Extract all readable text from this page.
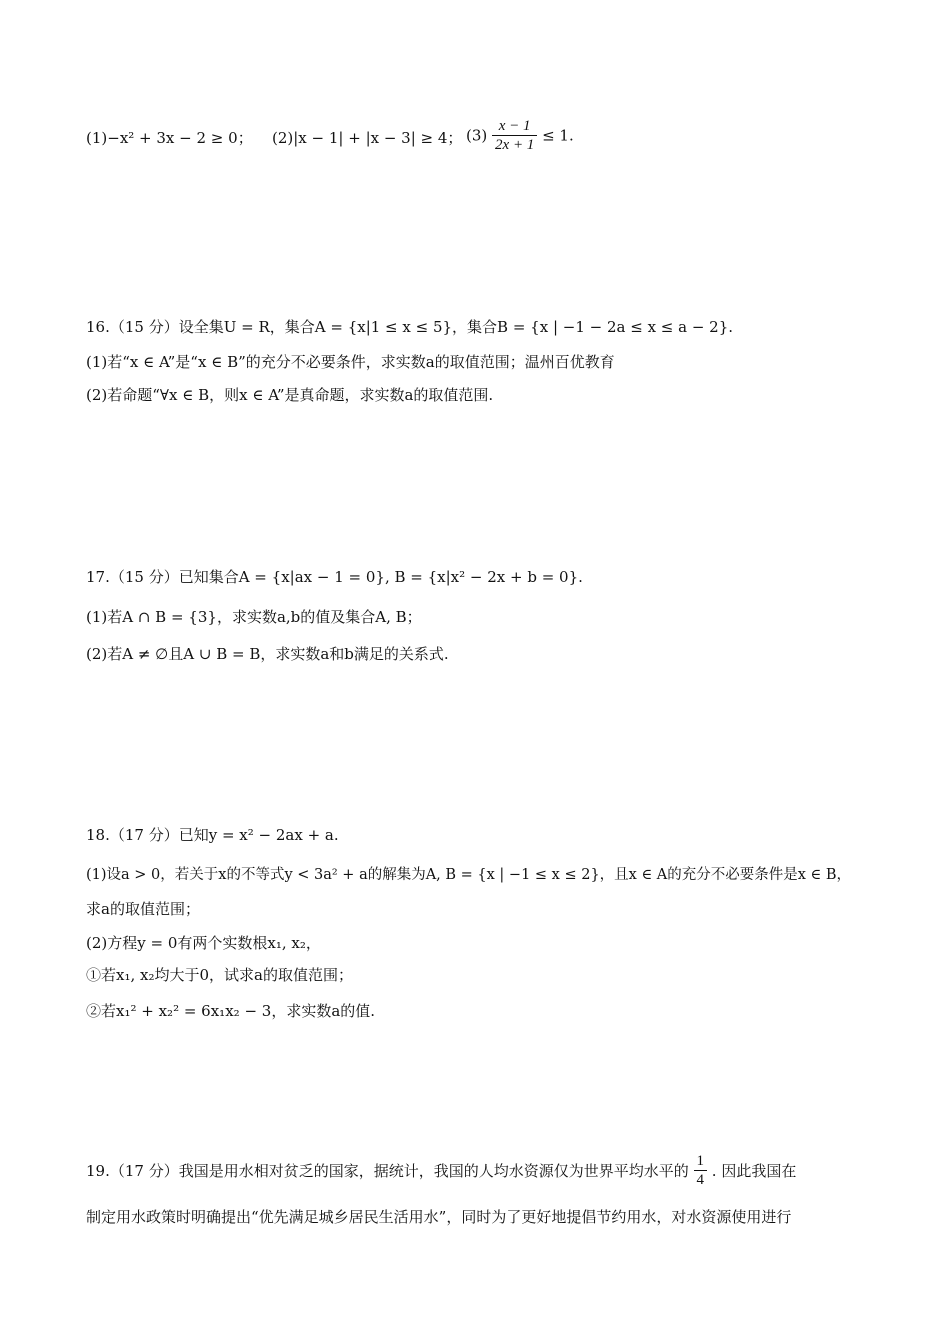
(1)−x² + 3x − 2 ≥ 0； (2)|x − 1| + |x − 3| ≥ 4； $(3) \frac{x - 1}{2x + 1} \le 1$.
16.（15 分）设全集U = R，集合A = {x|1 ≤ x ≤ 5}，集合B = {x | −1 − 2a ≤ x ≤ a − 2}.
(1)若“x ∈ A”是“x ∈ B”的充分不必要条件，求实数a的取值范围；温州百优教育
(2)若命题“∀x ∈ B，则x ∈ A”是真命题，求实数a的取值范围.
17.（15 分）已知集合A = {x|ax − 1 = 0}, B = {x|x² − 2x + b = 0}.
(1)若A ∩ B = {3}，求实数a,b的值及集合A, B；
(2)若A ≠ ∅且A ∪ B = B，求实数a和b满足的关系式.
18.（17 分）已知y = x² − 2ax + a.
(1)设a > 0，若关于x的不等式y < 3a² + a的解集为A, B = {x | −1 ≤ x ≤ 2}，且x ∈ A的充分不必要条件是x ∈ B，
求a的取值范围；
(2)方程y = 0有两个实数根x₁, x₂，
①若x₁, x₂均大于0，试求a的取值范围；
②若x₁² + x₂² = 6x₁x₂ − 3，求实数a的值.
19.（17 分）我国是用水相对贫乏的国家，据统计，我国的人均水资源仅为世界平均水平的 $\frac{1}{4}$ . 因此我国在
制定用水政策时明确提出“优先满足城乡居民生活用水”，同时为了更好地提倡节约用水，对水资源使用进行
